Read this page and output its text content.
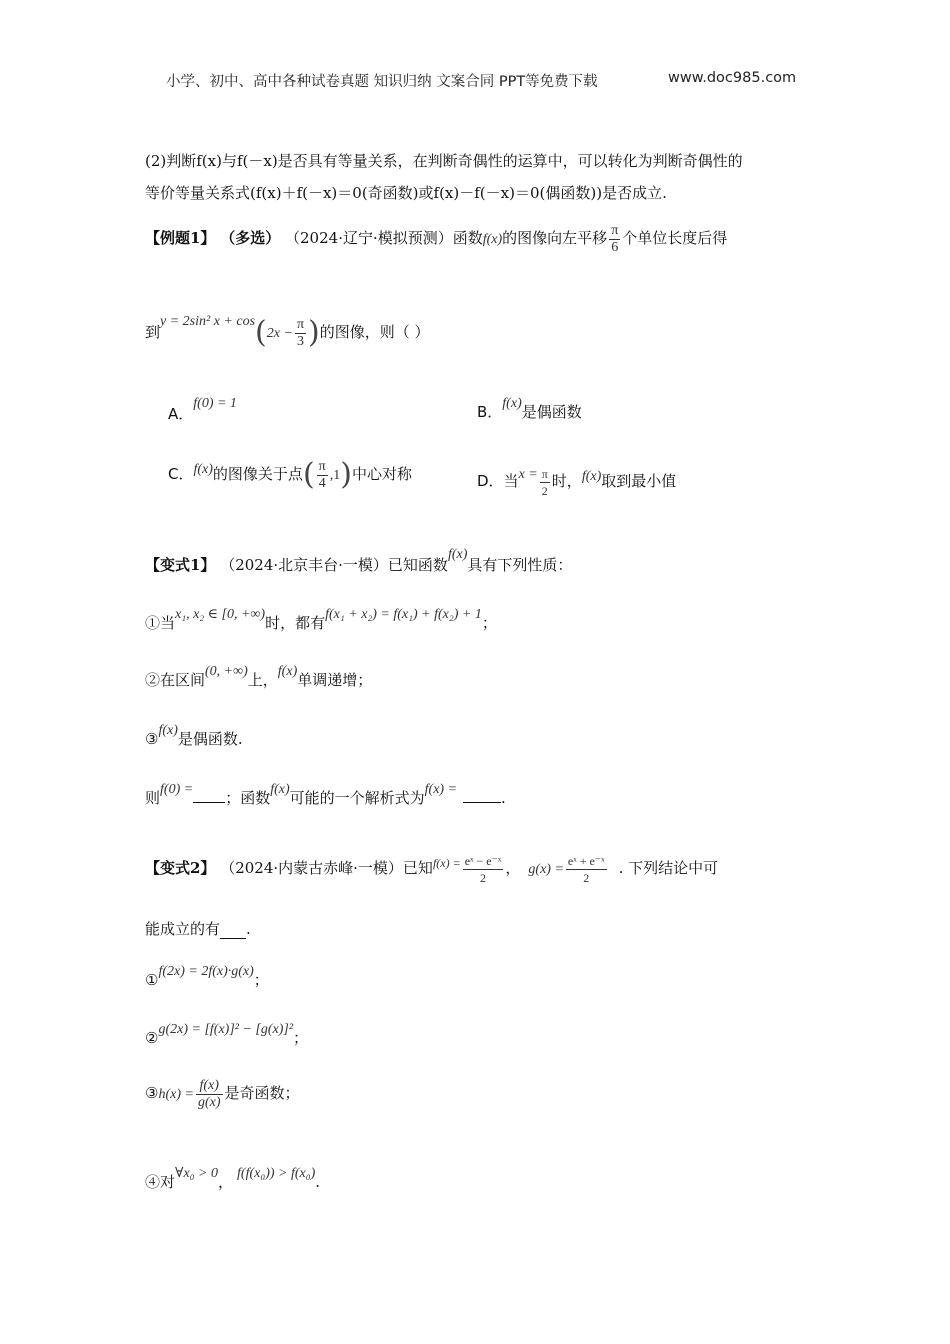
小学、初中、高中各种试卷真题 知识归纳 文案合同 PPT等免费下载	www.doc985.com
(2)判断f(x)与f(－x)是否具有等量关系，在判断奇偶性的运算中，可以转化为判断奇偶性的
等价等量关系式(f(x)＋f(－x)＝0(奇函数)或f(x)－f(－x)＝0(偶函数))是否成立.
【例题1】 （多选） （2024·辽宁·模拟预测）函数f(x)的图像向左平移 $\frac{\pi}{6}$ 个单位长度后得
到y = 2sin² $x + \cos(2x - \frac{\pi}{3}$ )的图像，则（ ）
A．f(0) = 1	B．f(x)是偶函数
C．f(x)的图像关于点( $\frac{\pi}{4} ,1$)中心对称	D．当$x = \frac{\pi}{2}$ 时，f(x)取到最小值
【变式1】 （2024·北京丰台·一模）已知函数f(x)具有下列性质：
①当x₁, x₂ ∈ [0, +∞)时，都有f(x₁ + x₂) = f(x₁) + f(x₂) + 1；
②在区间(0, +∞)上，f(x)单调递增；
③f(x)是偶函数.
则f(0) = ；函数f(x)可能的一个解析式为f(x) =	.
【变式2】 （2024·内蒙古赤峰·一模）已知$^{f(x) =} \frac{\text{eˣ − e⁻ˣ}}{2}$ ， $g(x) = \frac{\text{eˣ + e⁻ˣ}}{2}$ . 下列结论中可
能成立的有 .
①f(2x) = 2f(x)·g(x)；
②g(2x) = [f(x)]² − [g(x)]²；
③h(x) = $\frac{f(x)}{g(x)}$ 是奇函数；
④对∀x₀ > 0， f(f(x₀)) > f(x₀).
